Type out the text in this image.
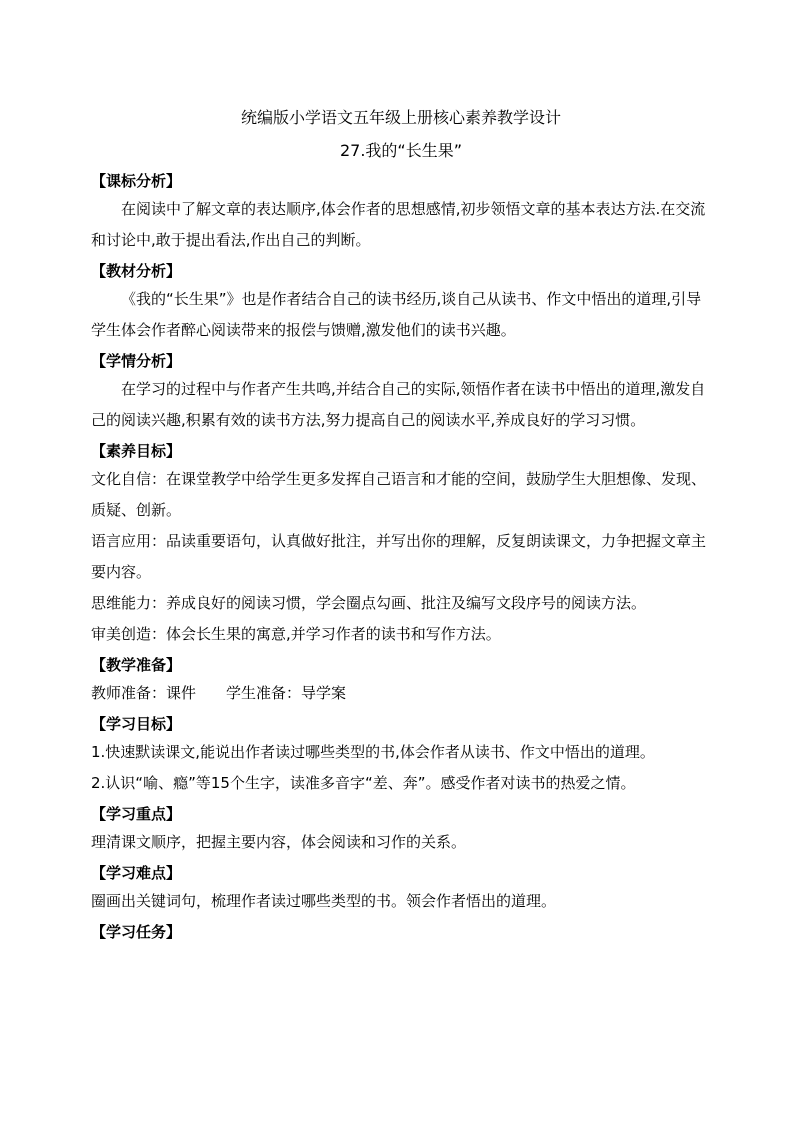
统编版小学语文五年级上册核心素养教学设计

27.我的“长生果”

【课标分析】

在阅读中了解文章的表达顺序,体会作者的思想感情,初步领悟文章的基本表达方法.在交流和讨论中,敢于提出看法,作出自己的判断。

【教材分析】

《我的“长生果”》也是作者结合自己的读书经历,谈自己从读书、作文中悟出的道理,引导学生体会作者醉心阅读带来的报偿与馈赠,激发他们的读书兴趣。

【学情分析】

在学习的过程中与作者产生共鸣,并结合自己的实际,领悟作者在读书中悟出的道理,激发自己的阅读兴趣,积累有效的读书方法,努力提高自己的阅读水平,养成良好的学习习惯。

【素养目标】

文化自信：在课堂教学中给学生更多发挥自己语言和才能的空间，鼓励学生大胆想像、发现、质疑、创新。

语言应用：品读重要语句，认真做好批注，并写出你的理解，反复朗读课文，力争把握文章主要内容。

思维能力：养成良好的阅读习惯，学会圈点勾画、批注及编写文段序号的阅读方法。

审美创造：体会长生果的寓意,并学习作者的读书和写作方法。

【教学准备】

教师准备：课件　　学生准备：导学案

【学习目标】

1.快速默读课文,能说出作者读过哪些类型的书,体会作者从读书、作文中悟出的道理。

2.认识“喻、瘾”等15个生字，读准多音字“差、奔”。感受作者对读书的热爱之情。

【学习重点】

理清课文顺序，把握主要内容，体会阅读和习作的关系。

【学习难点】

圈画出关键词句，梳理作者读过哪些类型的书。领会作者悟出的道理。

【学习任务】
